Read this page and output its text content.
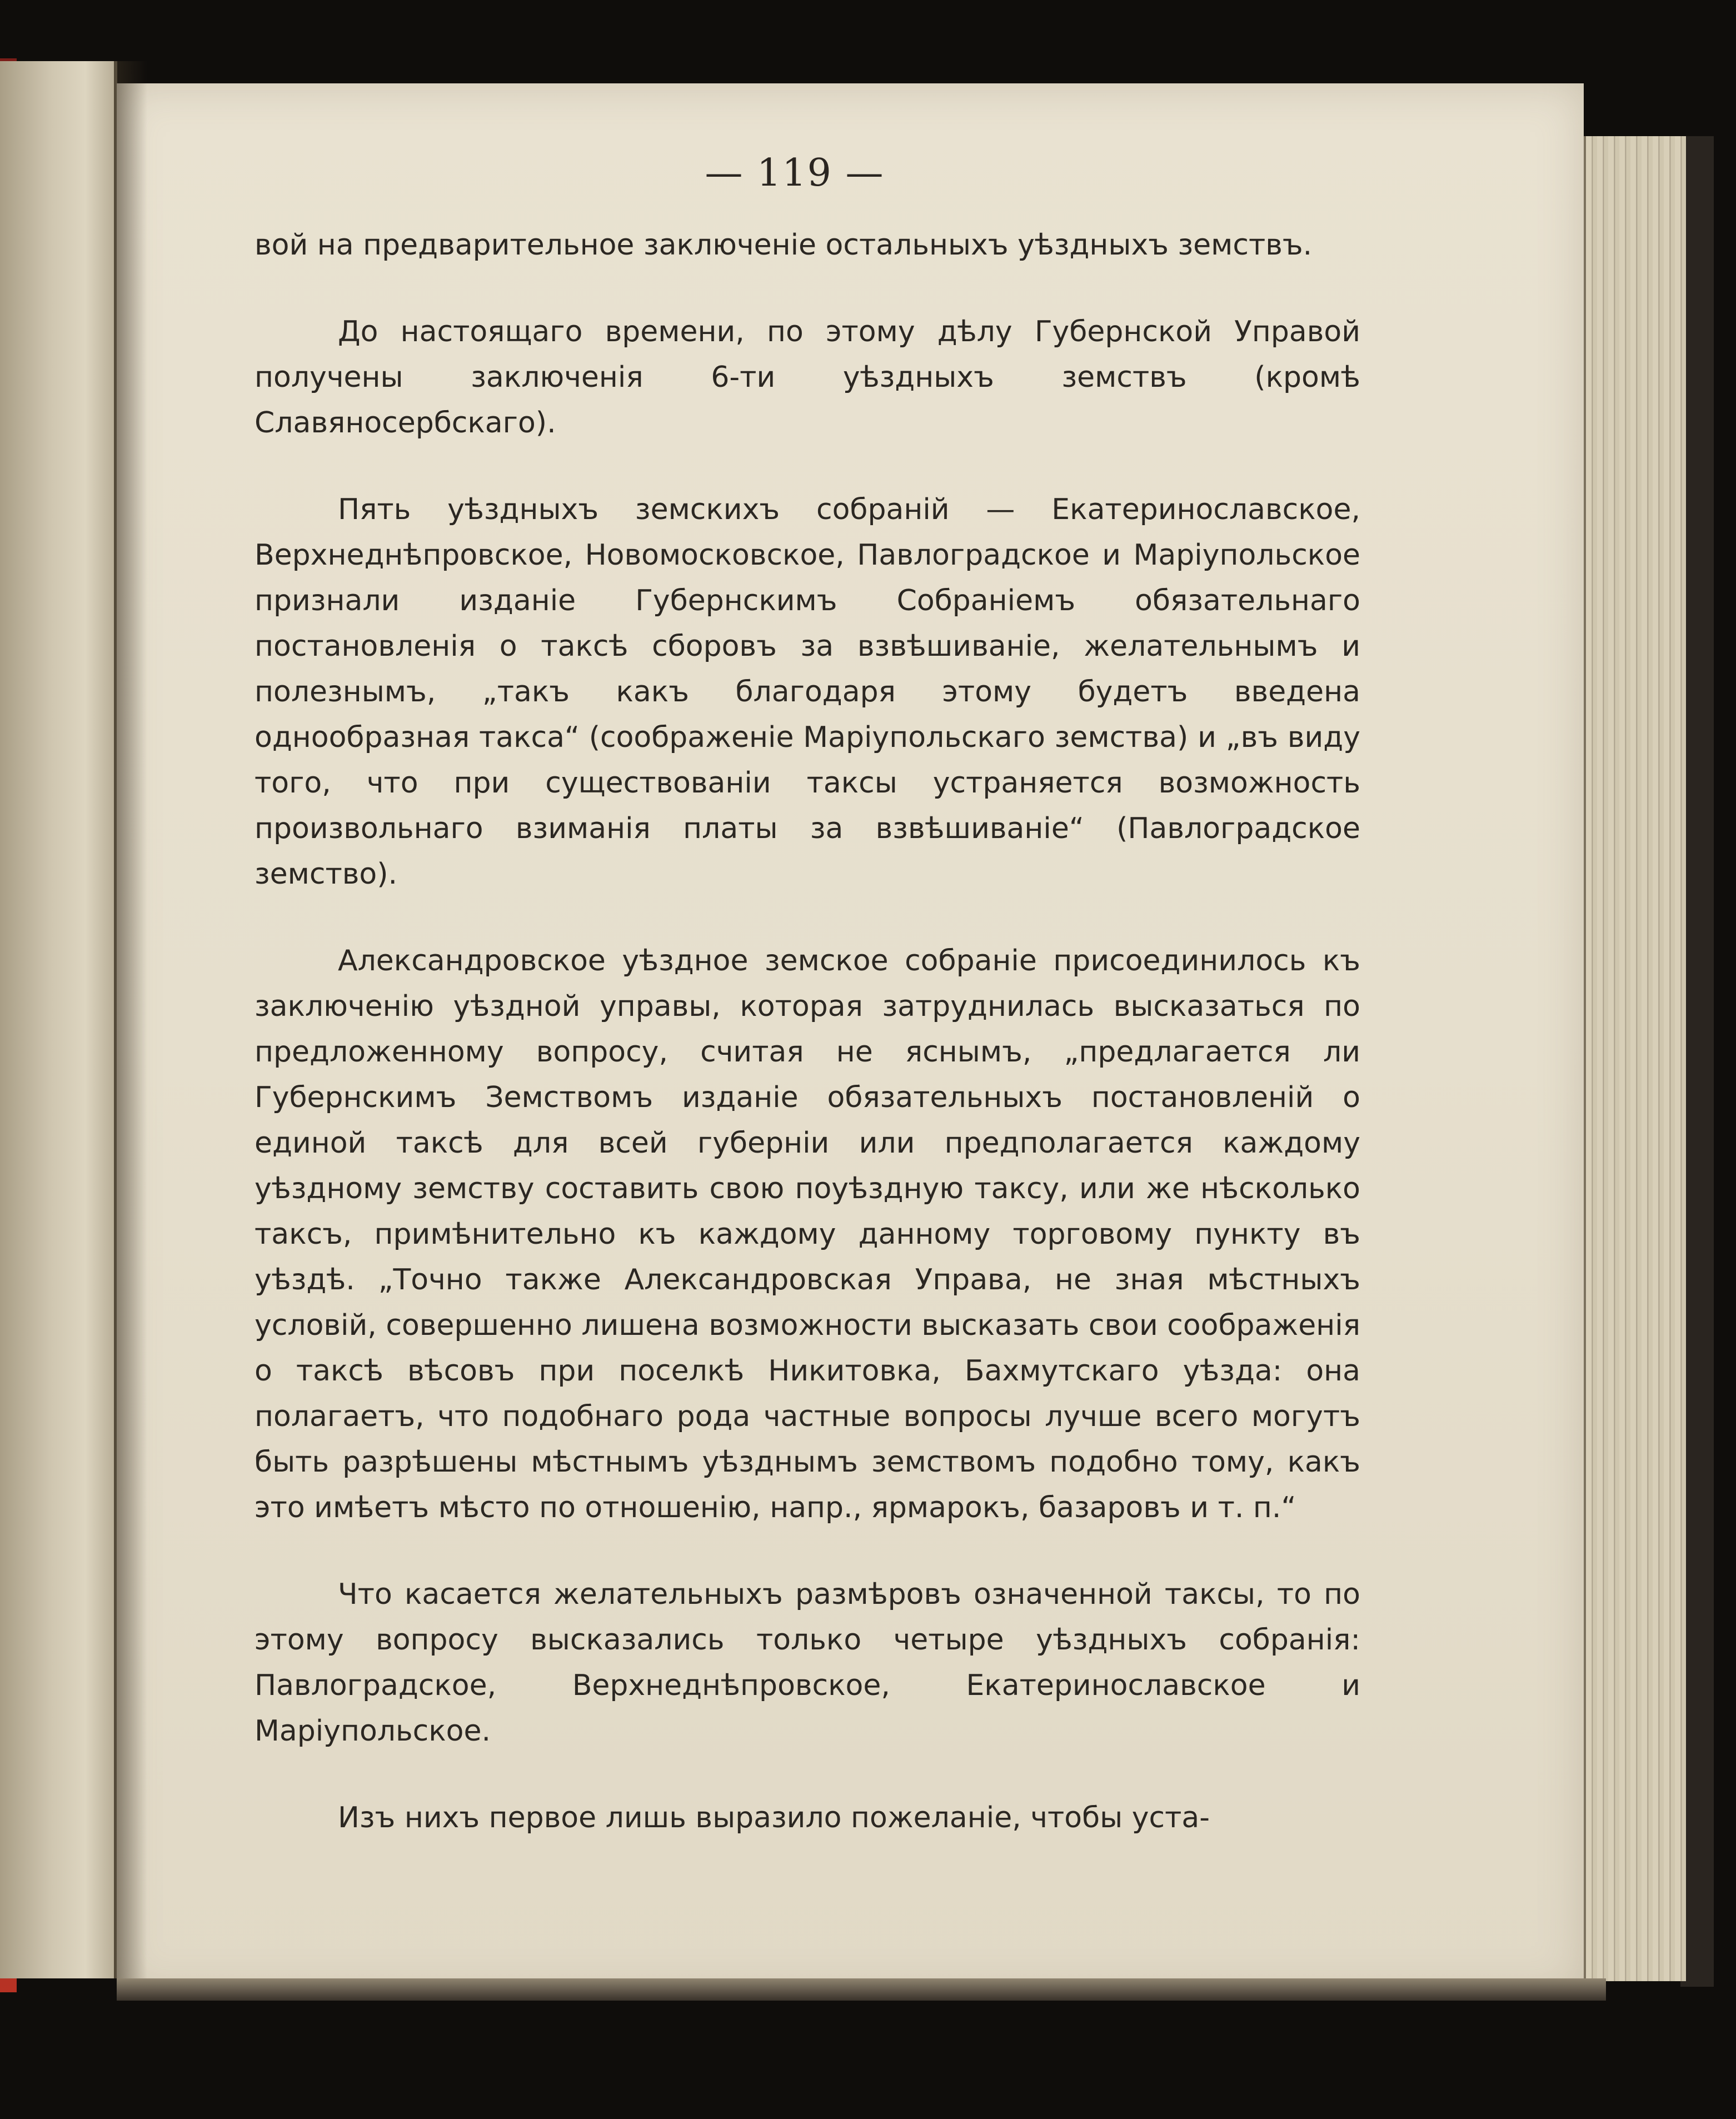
— 119 —

вой на предварительное заключеніе остальныхъ уѣздныхъ земствъ.

До настоящаго времени, по этому дѣлу Губернской Управой получены заключенія 6-ти уѣздныхъ земствъ (кромѣ Славяносербскаго).

Пять уѣздныхъ земскихъ собраній — Екатеринославское, Верхнеднѣпровское, Новомосковское, Павлоградское и Маріупольское признали изданіе Губернскимъ Собраніемъ обязательнаго постановленія о таксѣ сборовъ за взвѣшиваніе, желательнымъ и полезнымъ, „такъ какъ благодаря этому будетъ введена однообразная такса“ (соображеніе Маріупольскаго земства) и „въ виду того, что при существованіи таксы устраняется возможность произвольнаго взиманія платы за взвѣшиваніе“ (Павлоградское земство).

Александровское уѣздное земское собраніе присоединилось къ заключенію уѣздной управы, которая затруднилась высказаться по предложенному вопросу, считая не яснымъ, „предлагается ли Губернскимъ Земствомъ изданіе обязательныхъ постановленій о единой таксѣ для всей губерніи или предполагается каждому уѣздному земству составить свою поуѣздную таксу, или же нѣсколько таксъ, примѣнительно къ каждому данному торговому пункту въ уѣздѣ. „Точно также Александровская Управа, не зная мѣстныхъ условій, совершенно лишена возможности высказать свои соображенія о таксѣ вѣсовъ при поселкѣ Никитовка, Бахмутскаго уѣзда: она полагаетъ, что подобнаго рода частные вопросы лучше всего могутъ быть разрѣшены мѣстнымъ уѣзднымъ земствомъ подобно тому, какъ это имѣетъ мѣсто по отношенію, напр., ярмарокъ, базаровъ и т. п.“

Что касается желательныхъ размѣровъ означенной таксы, то по этому вопросу высказались только четыре уѣздныхъ собранія: Павлоградское, Верхнеднѣпровское, Екатеринославское и Маріупольское.

Изъ нихъ первое лишь выразило пожеланіе, чтобы уста-
